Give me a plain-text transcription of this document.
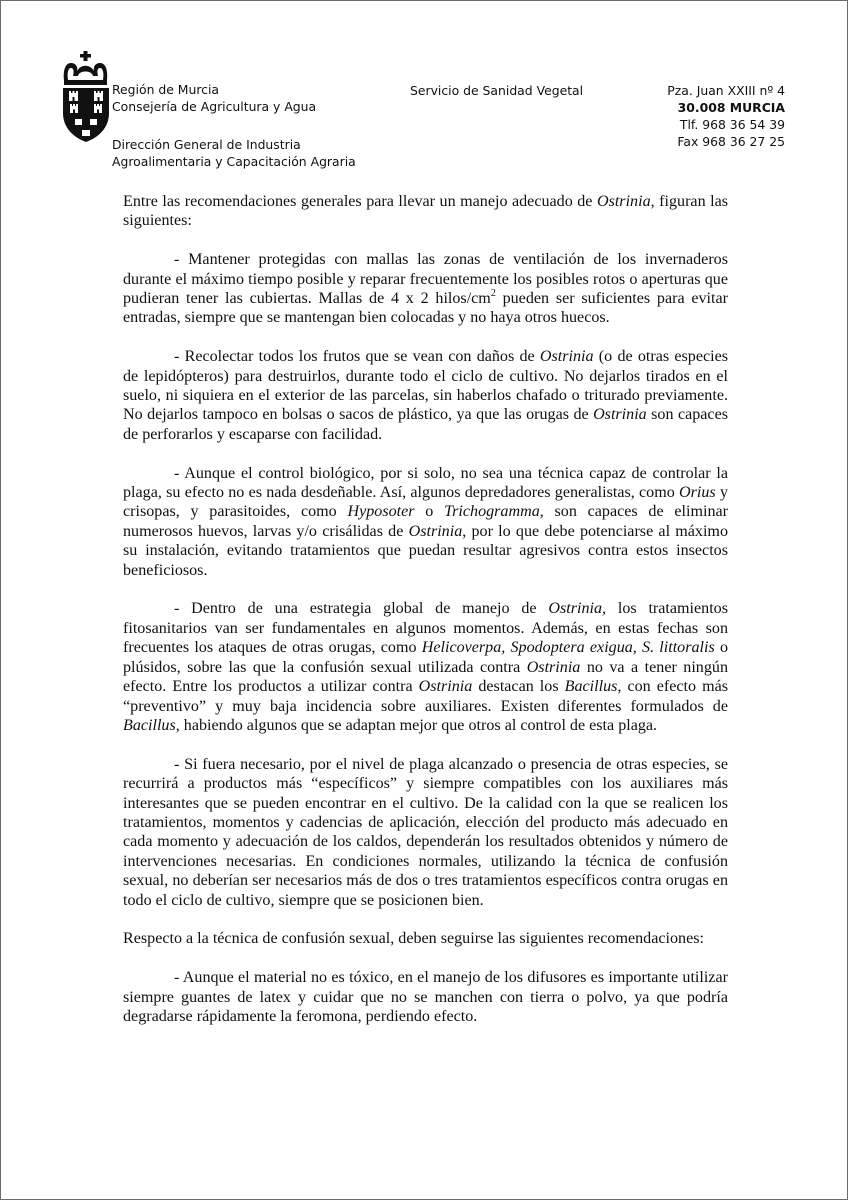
Región de Murcia
Consejería de Agricultura y Agua
Dirección General de Industria
Agroalimentaria y Capacitación Agraria
Servicio de Sanidad Vegetal	Pza. Juan XXIII nº 4
30.008 MURCIA
Tlf. 968 36 54 39
Fax 968 36 27 25

Entre las recomendaciones generales para llevar un manejo adecuado de Ostrinia, figuran las siguientes:

- Mantener protegidas con mallas las zonas de ventilación de los invernaderos durante el máximo tiempo posible y reparar frecuentemente los posibles rotos o aperturas que pudieran tener las cubiertas. Mallas de 4 x 2 hilos/$cm^2$ pueden ser suficientes para evitar entradas, siempre que se mantengan bien colocadas y no haya otros huecos.

- Recolectar todos los frutos que se vean con daños de Ostrinia (o de otras especies de lepidópteros) para destruirlos, durante todo el ciclo de cultivo. No dejarlos tirados en el suelo, ni siquiera en el exterior de las parcelas, sin haberlos chafado o triturado previamente. No dejarlos tampoco en bolsas o sacos de plástico, ya que las orugas de Ostrinia son capaces de perforarlos y escaparse con facilidad.

- Aunque el control biológico, por si solo, no sea una técnica capaz de controlar la plaga, su efecto no es nada desdeñable. Así, algunos depredadores generalistas, como Orius y crisopas, y parasitoides, como Hyposoter o Trichogramma, son capaces de eliminar numerosos huevos, larvas y/o crisálidas de Ostrinia, por lo que debe potenciarse al máximo su instalación, evitando tratamientos que puedan resultar agresivos contra estos insectos beneficiosos.

- Dentro de una estrategia global de manejo de Ostrinia, los tratamientos fitosanitarios van ser fundamentales en algunos momentos. Además, en estas fechas son frecuentes los ataques de otras orugas, como Helicoverpa, Spodoptera exigua, S. littoralis o plúsidos, sobre las que la confusión sexual utilizada contra Ostrinia no va a tener ningún efecto. Entre los productos a utilizar contra Ostrinia destacan los Bacillus, con efecto más “preventivo” y muy baja incidencia sobre auxiliares. Existen diferentes formulados de Bacillus, habiendo algunos que se adaptan mejor que otros al control de esta plaga.

- Si fuera necesario, por el nivel de plaga alcanzado o presencia de otras especies, se recurrirá a productos más “específicos” y siempre compatibles con los auxiliares más interesantes que se pueden encontrar en el cultivo. De la calidad con la que se realicen los tratamientos, momentos y cadencias de aplicación, elección del producto más adecuado en cada momento y adecuación de los caldos, dependerán los resultados obtenidos y número de intervenciones necesarias. En condiciones normales, utilizando la técnica de confusión sexual, no deberían ser necesarios más de dos o tres tratamientos específicos contra orugas en todo el ciclo de cultivo, siempre que se posicionen bien.

Respecto a la técnica de confusión sexual, deben seguirse las siguientes recomendaciones:

- Aunque el material no es tóxico, en el manejo de los difusores es importante utilizar siempre guantes de latex y cuidar que no se manchen con tierra o polvo, ya que podría degradarse rápidamente la feromona, perdiendo efecto.
